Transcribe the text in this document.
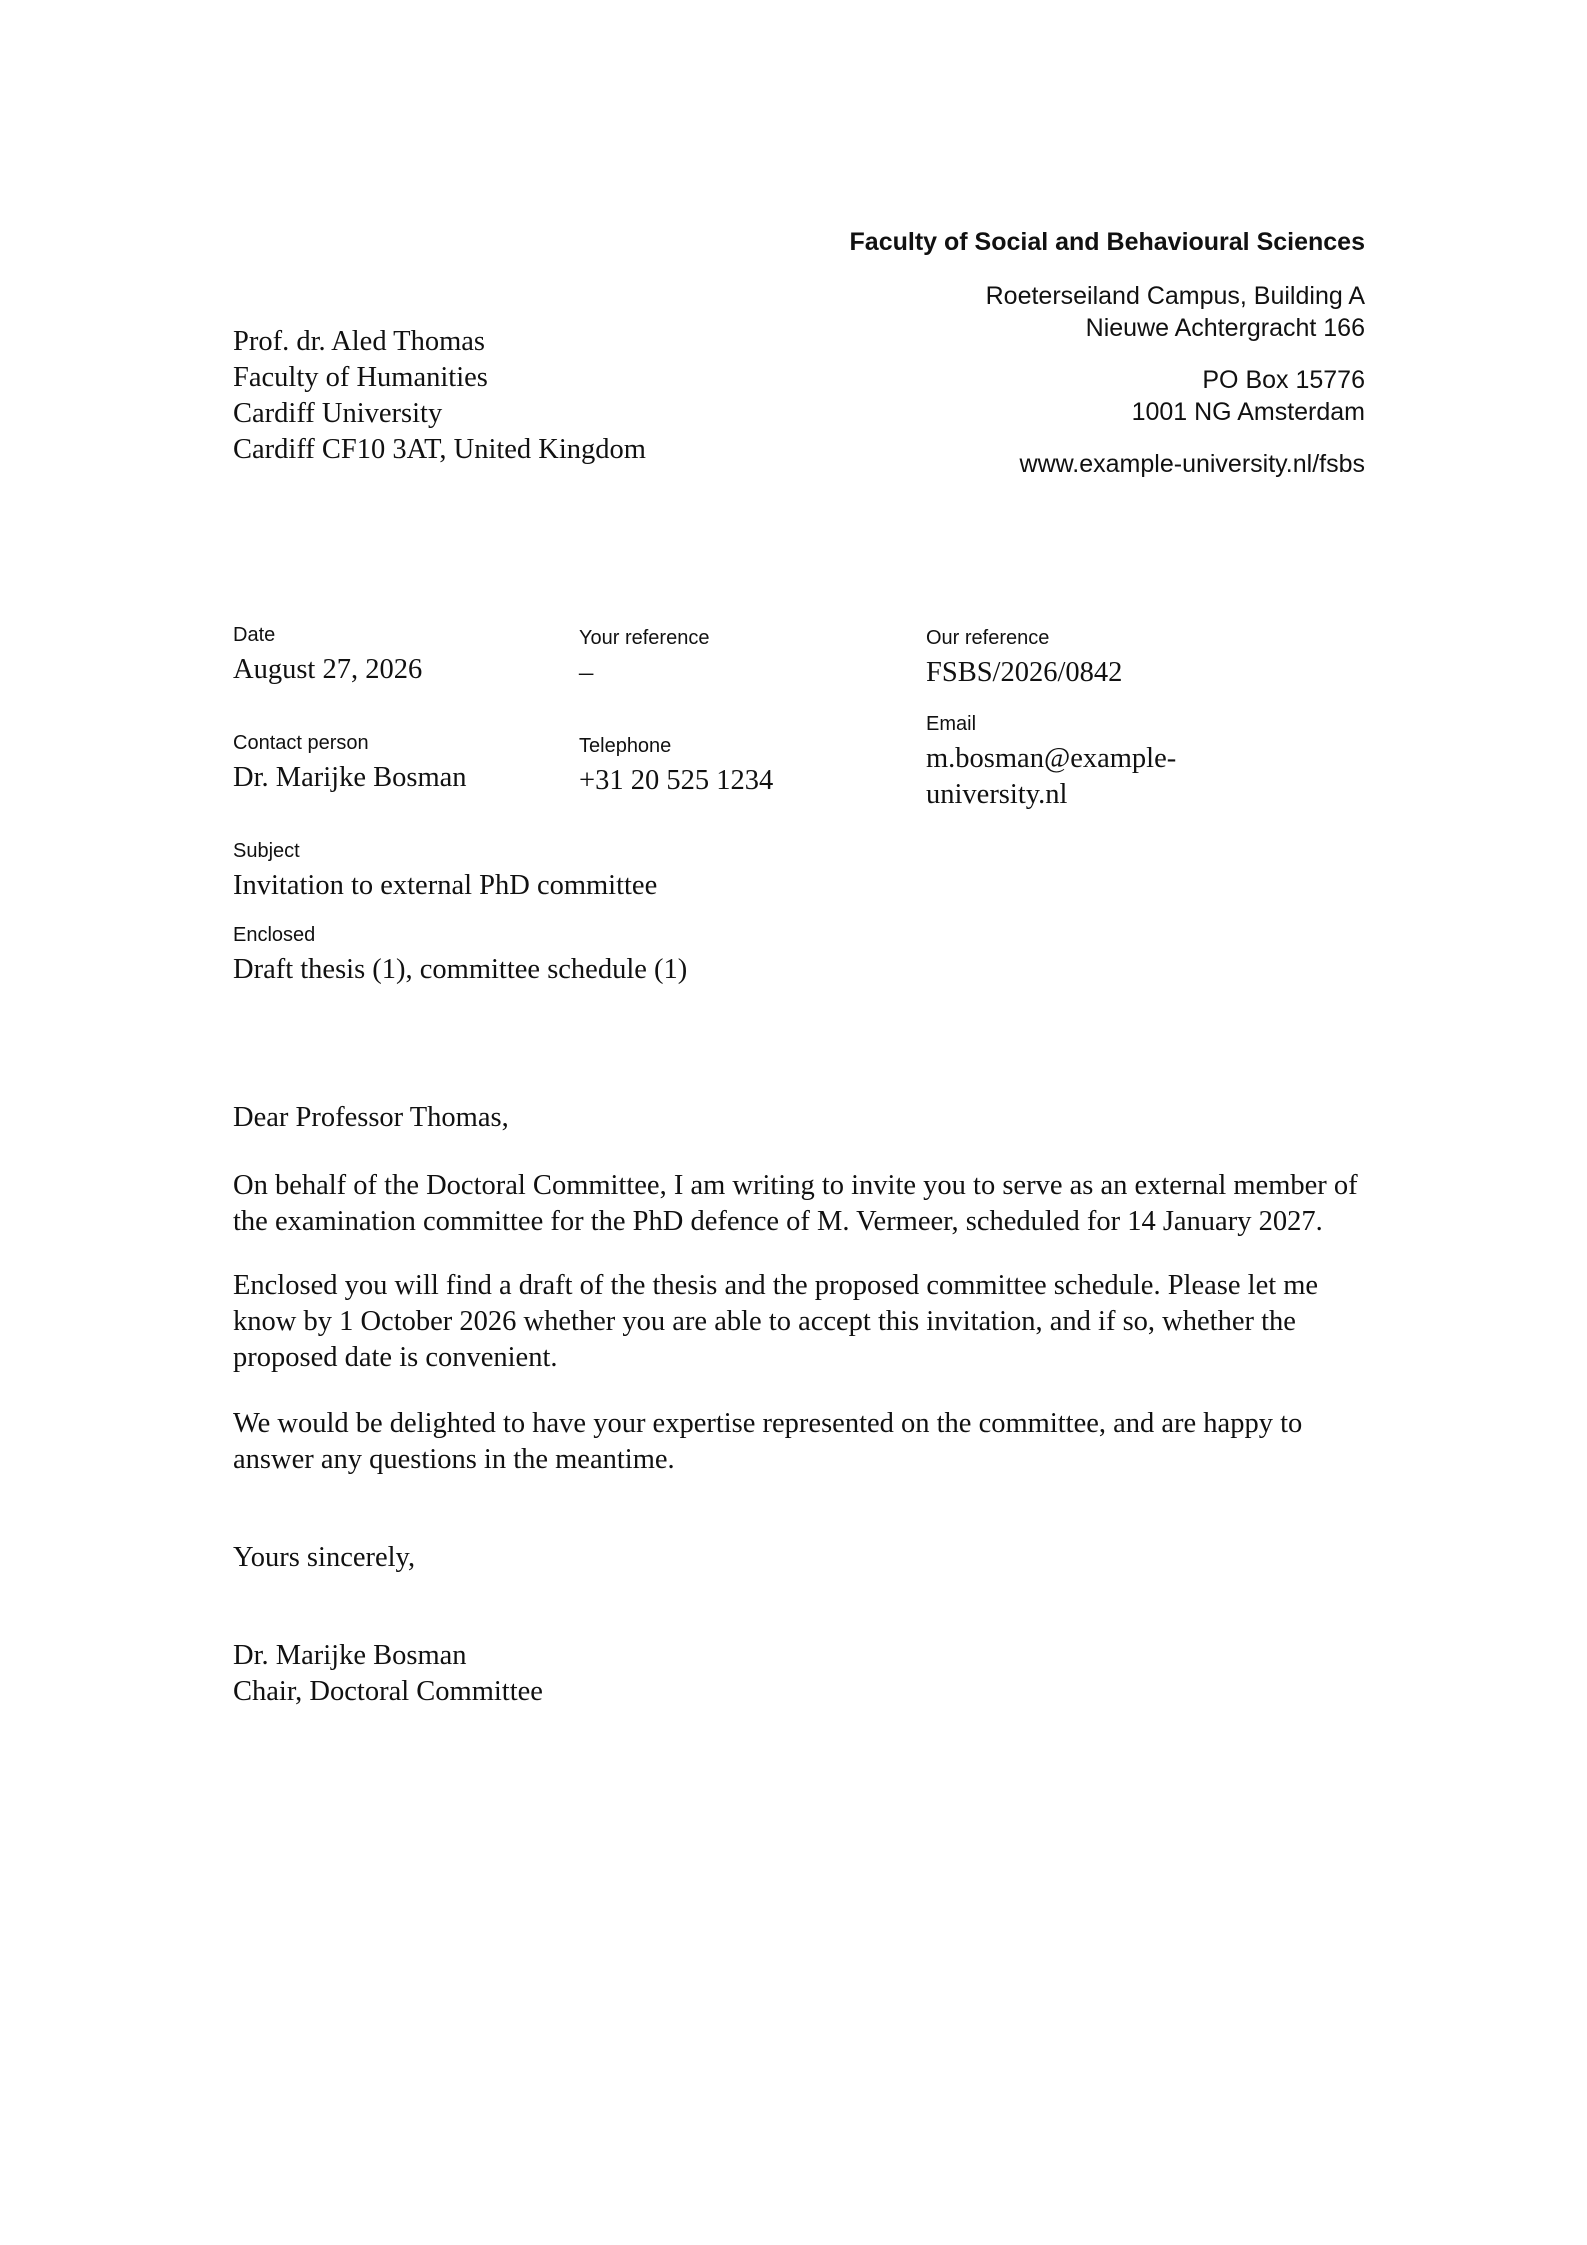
Faculty of Social and Behavioural Sciences

Roeterseiland Campus, Building A

Nieuwe Achtergracht 166

PO Box 15776

1001 NG Amsterdam

www.example-university.nl/fsbs

Prof. dr. Aled Thomas

Faculty of Humanities

Cardiff University

Cardiff CF10 3AT, United Kingdom

Date

August 27, 2026

Your reference

–

Our reference

FSBS/2026/0842

Contact person

Dr. Marijke Bosman

Telephone

+31 20 525 1234

Email

m.bosman@example-

university.nl

Subject

Invitation to external PhD committee

Enclosed

Draft thesis (1), committee schedule (1)

Dear Professor Thomas,

On behalf of the Doctoral Committee, I am writing to invite you to serve as an external member of

the examination committee for the PhD defence of M. Vermeer, scheduled for 14 January 2027.

Enclosed you will find a draft of the thesis and the proposed committee schedule. Please let me

know by 1 October 2026 whether you are able to accept this invitation, and if so, whether the

proposed date is convenient.

We would be delighted to have your expertise represented on the committee, and are happy to

answer any questions in the meantime.

Yours sincerely,

Dr. Marijke Bosman

Chair, Doctoral Committee
